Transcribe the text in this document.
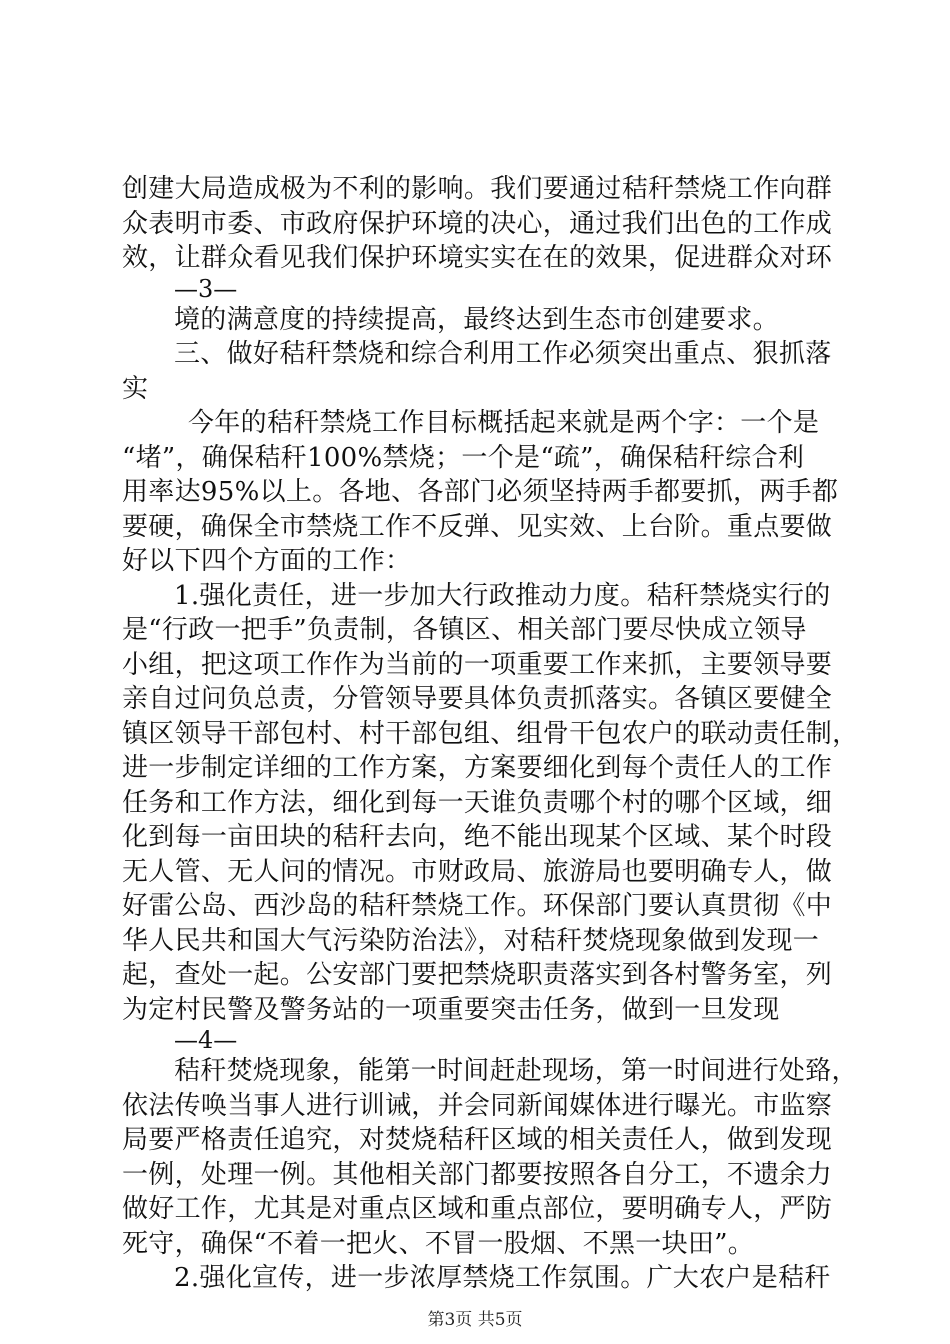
创建大局造成极为不利的影响。我们要通过秸秆禁烧工作向群
众表明市委、市政府保护环境的决心，通过我们出色的工作成
效，让群众看见我们保护环境实实在在的效果，促进群众对环
—3—
境的满意度的持续提高，最终达到生态市创建要求。
三、做好秸秆禁烧和综合利用工作必须突出重点、狠抓落
实
今年的秸秆禁烧工作目标概括起来就是两个字：一个是
“堵”，确保秸秆100%禁烧；一个是“疏”，确保秸秆综合利
用率达95%以上。各地、各部门必须坚持两手都要抓，两手都
要硬，确保全市禁烧工作不反弹、见实效、上台阶。重点要做
好以下四个方面的工作：
1.强化责任，进一步加大行政推动力度。秸秆禁烧实行的
是“行政一把手”负责制，各镇区、相关部门要尽快成立领导
小组，把这项工作作为当前的一项重要工作来抓，主要领导要
亲自过问负总责，分管领导要具体负责抓落实。各镇区要健全
镇区领导干部包村、村干部包组、组骨干包农户的联动责任制，
进一步制定详细的工作方案，方案要细化到每个责任人的工作
任务和工作方法，细化到每一天谁负责哪个村的哪个区域，细
化到每一亩田块的秸秆去向，绝不能出现某个区域、某个时段
无人管、无人问的情况。市财政局、旅游局也要明确专人，做
好雷公岛、西沙岛的秸秆禁烧工作。环保部门要认真贯彻《中
华人民共和国大气污染防治法》，对秸秆焚烧现象做到发现一
起，查处一起。公安部门要把禁烧职责落实到各村警务室，列
为定村民警及警务站的一项重要突击任务，做到一旦发现
—4—
秸秆焚烧现象，能第一时间赶赴现场，第一时间进行处臵，
依法传唤当事人进行训诫，并会同新闻媒体进行曝光。市监察
局要严格责任追究，对焚烧秸秆区域的相关责任人，做到发现
一例，处理一例。其他相关部门都要按照各自分工，不遗余力
做好工作，尤其是对重点区域和重点部位，要明确专人，严防
死守，确保“不着一把火、不冒一股烟、不黑一块田”。
2.强化宣传，进一步浓厚禁烧工作氛围。广大农户是秸秆
第3页 共5页
